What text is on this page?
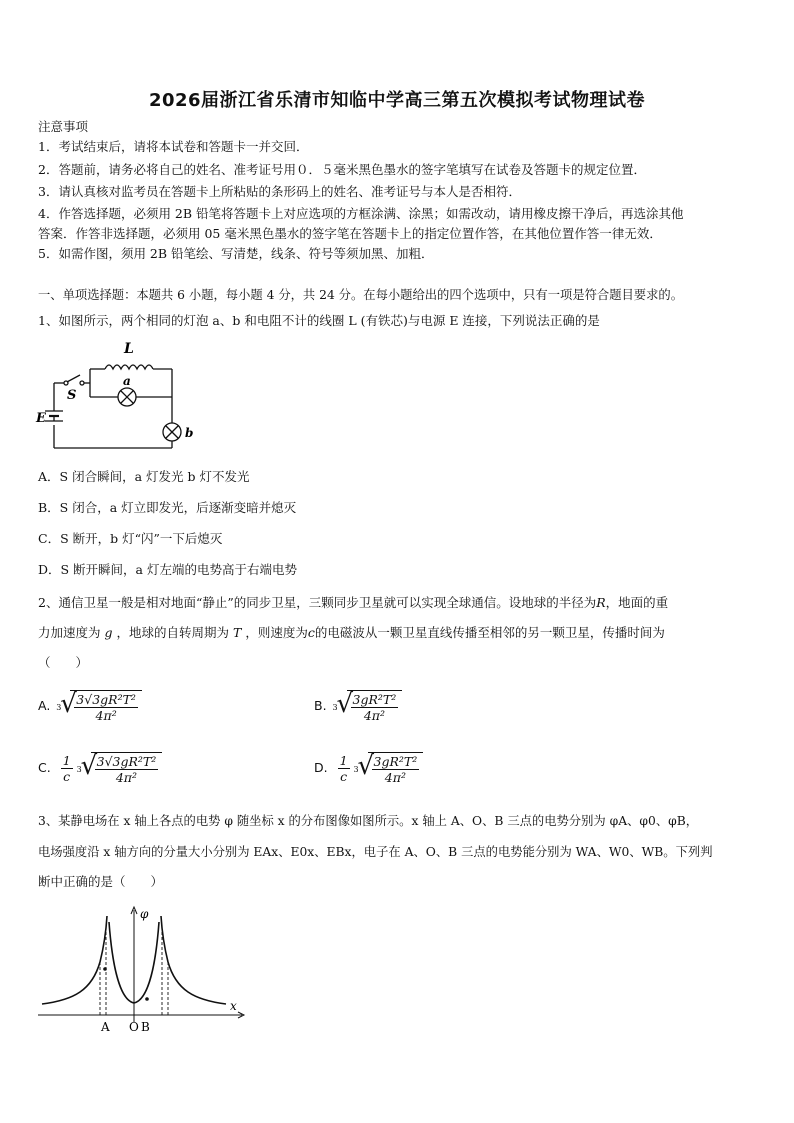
2026届浙江省乐清市知临中学高三第五次模拟考试物理试卷
注意事项
1．考试结束后，请将本试卷和答题卡一并交回．
2．答题前，请务必将自己的姓名、准考证号用０．５毫米黑色墨水的签字笔填写在试卷及答题卡的规定位置．
3．请认真核对监考员在答题卡上所粘贴的条形码上的姓名、准考证号与本人是否相符．
4．作答选择题，必须用 2B 铅笔将答题卡上对应选项的方框涂满、涂黑；如需改动，请用橡皮擦干净后，再选涂其他
答案．作答非选择题，必须用 05 毫米黑色墨水的签字笔在答题卡上的指定位置作答，在其他位置作答一律无效．
5．如需作图，须用 2B 铅笔绘、写清楚，线条、符号等须加黑、加粗．
一、单项选择题：本题共 6 小题，每小题 4 分，共 24 分。在每小题给出的四个选项中，只有一项是符合题目要求的。
1、如图所示，两个相同的灯泡 a、b 和电阻不计的线圈 L (有铁芯)与电源 E 连接，下列说法正确的是
L
a
b
S
E
A．S 闭合瞬间，a 灯发光 b 灯不发光
B．S 闭合，a 灯立即发光，后逐渐变暗并熄灭
C．S 断开，b 灯“闪”一下后熄灭
D．S 断开瞬间，a 灯左端的电势高于右端电势
2、通信卫星一般是相对地面“静止”的同步卫星，三颗同步卫星就可以实现全球通信。设地球的半径为R，地面的重
力加速度为 g ，地球的自转周期为 T ，则速度为c的电磁波从一颗卫星直线传播至相邻的另一颗卫星，传播时间为
（　　）
A. √ $3 \frac{\text{3√3gR²T²}}{\text{4π²}}$	B. √ $3 \frac{\text{3gR²T²}}{\text{4π²}}$
C. $\frac{1}{c}$
√ $3 \frac{\text{3√3gR²T²}}{\text{4π²}}$	D. $\frac{1}{c}$
√ $3 \frac{\text{3gR²T²}}{\text{4π²}}$
3、某静电场在 x 轴上各点的电势 φ 随坐标 x 的分布图像如图所示。x 轴上 A、O、B 三点的电势分别为 φA、φ0、φB，
电场强度沿 x 轴方向的分量大小分别为 EAx、E0x、EBx，电子在 A、O、B 三点的电势能分别为 WA、W0、WB。下列判
断中正确的是（　　）
φ
x
A O B
